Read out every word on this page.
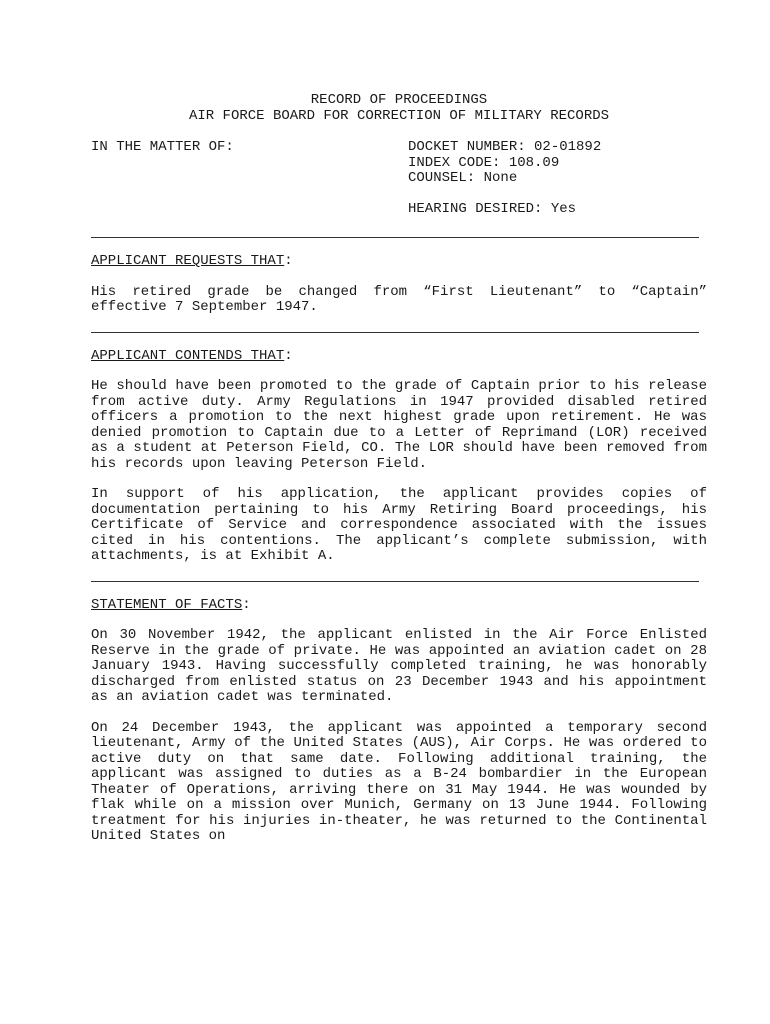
RECORD OF PROCEEDINGS
AIR FORCE BOARD FOR CORRECTION OF MILITARY RECORDS
IN THE MATTER OF:	DOCKET NUMBER: 02-01892
INDEX CODE: 108.09
COUNSEL: None
HEARING DESIRED: Yes
APPLICANT REQUESTS THAT:
His retired grade be changed from “First Lieutenant” to “Captain” effective 7 September 1947.
APPLICANT CONTENDS THAT:
He should have been promoted to the grade of Captain prior to his release from active duty. Army Regulations in 1947 provided disabled retired officers a promotion to the next highest grade upon retirement. He was denied promotion to Captain due to a Letter of Reprimand (LOR) received as a student at Peterson Field, CO. The LOR should have been removed from his records upon leaving Peterson Field.
In support of his application, the applicant provides copies of documentation pertaining to his Army Retiring Board proceedings, his Certificate of Service and correspondence associated with the issues cited in his contentions. The applicant’s complete submission, with attachments, is at Exhibit A.
STATEMENT OF FACTS:
On 30 November 1942, the applicant enlisted in the Air Force Enlisted Reserve in the grade of private. He was appointed an aviation cadet on 28 January 1943. Having successfully completed training, he was honorably discharged from enlisted status on 23 December 1943 and his appointment as an aviation cadet was terminated.
On 24 December 1943, the applicant was appointed a temporary second lieutenant, Army of the United States (AUS), Air Corps. He was ordered to active duty on that same date. Following additional training, the applicant was assigned to duties as a B-24 bombardier in the European Theater of Operations, arriving there on 31 May 1944. He was wounded by flak while on a mission over Munich, Germany on 13 June 1944. Following treatment for his injuries in-theater, he was returned to the Continental United States on
